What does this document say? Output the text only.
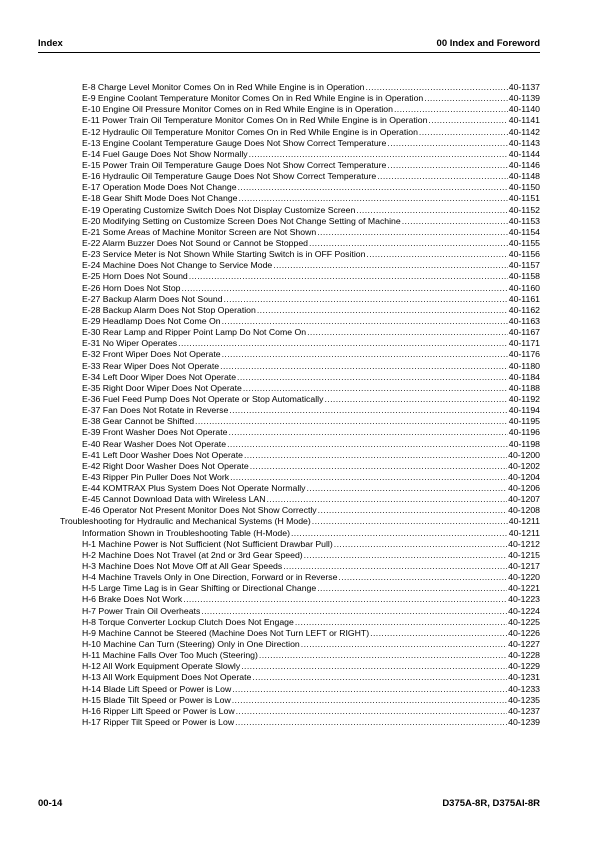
Index	00 Index and Foreword
E-8 Charge Level Monitor Comes On in Red While Engine is in Operation .....	40-1137
E-9 Engine Coolant Temperature Monitor Comes On in Red While Engine is in Operation .....	40-1139
E-10 Engine Oil Pressure Monitor Comes on in Red While Engine is in Operation .....	40-1140
E-11 Power Train Oil Temperature Monitor Comes On in Red While Engine is in Operation .....	40-1141
E-12 Hydraulic Oil Temperature Monitor Comes On in Red While Engine is in Operation .....	40-1142
E-13 Engine Coolant Temperature Gauge Does Not Show Correct Temperature .....	40-1143
E-14 Fuel Gauge Does Not Show Normally .....	40-1144
E-15 Power Train Oil Temperature Gauge Does Not Show Correct Temperature .....	40-1146
E-16 Hydraulic Oil Temperature Gauge Does Not Show Correct Temperature .....	40-1148
E-17 Operation Mode Does Not Change .....	40-1150
E-18 Gear Shift Mode Does Not Change .....	40-1151
E-19 Operating Customize Switch Does Not Display Customize Screen .....	40-1152
E-20 Modifying Setting on Customize Screen Does Not Change Setting of Machine .....	40-1153
E-21 Some Areas of Machine Monitor Screen are Not Shown .....	40-1154
E-22 Alarm Buzzer Does Not Sound or Cannot be Stopped .....	40-1155
E-23 Service Meter is Not Shown While Starting Switch is in OFF Position .....	40-1156
E-24 Machine Does Not Change to Service Mode .....	40-1157
E-25 Horn Does Not Sound .....	40-1158
E-26 Horn Does Not Stop .....	40-1160
E-27 Backup Alarm Does Not Sound .....	40-1161
E-28 Backup Alarm Does Not Stop Operation .....	40-1162
E-29 Headlamp Does Not Come On .....	40-1163
E-30 Rear Lamp and Ripper Point Lamp Do Not Come On .....	40-1167
E-31 No Wiper Operates .....	40-1171
E-32 Front Wiper Does Not Operate .....	40-1176
E-33 Rear Wiper Does Not Operate .....	40-1180
E-34 Left Door Wiper Does Not Operate .....	40-1184
E-35 Right Door Wiper Does Not Operate .....	40-1188
E-36 Fuel Feed Pump Does Not Operate or Stop Automatically .....	40-1192
E-37 Fan Does Not Rotate in Reverse .....	40-1194
E-38 Gear Cannot be Shifted .....	40-1195
E-39 Front Washer Does Not Operate .....	40-1196
E-40 Rear Washer Does Not Operate .....	40-1198
E-41 Left Door Washer Does Not Operate .....	40-1200
E-42 Right Door Washer Does Not Operate .....	40-1202
E-43 Ripper Pin Puller Does Not Work .....	40-1204
E-44 KOMTRAX Plus System Does Not Operate Normally .....	40-1206
E-45 Cannot Download Data with Wireless LAN .....	40-1207
E-46 Operator Not Present Monitor Does Not Show Correctly .....	40-1208
Troubleshooting for Hydraulic and Mechanical Systems (H Mode) .....	40-1211
Information Shown in Troubleshooting Table (H-Mode) .....	40-1211
H-1 Machine Power is Not Sufficient (Not Sufficient Drawbar Pull) .....	40-1212
H-2 Machine Does Not Travel (at 2nd or 3rd Gear Speed) .....	40-1215
H-3 Machine Does Not Move Off at All Gear Speeds .....	40-1217
H-4 Machine Travels Only in One Direction, Forward or in Reverse .....	40-1220
H-5 Large Time Lag is in Gear Shifting or Directional Change .....	40-1221
H-6 Brake Does Not Work .....	40-1223
H-7 Power Train Oil Overheats .....	40-1224
H-8 Torque Converter Lockup Clutch Does Not Engage .....	40-1225
H-9 Machine Cannot be Steered (Machine Does Not Turn LEFT or RIGHT) .....	40-1226
H-10 Machine Can Turn (Steering) Only in One Direction .....	40-1227
H-11 Machine Falls Over Too Much (Steering) .....	40-1228
H-12 All Work Equipment Operate Slowly .....	40-1229
H-13 All Work Equipment Does Not Operate .....	40-1231
H-14 Blade Lift Speed or Power is Low .....	40-1233
H-15 Blade Tilt Speed or Power is Low .....	40-1235
H-16 Ripper Lift Speed or Power is Low .....	40-1237
H-17 Ripper Tilt Speed or Power is Low .....	40-1239
00-14	D375A-8R, D375AI-8R
